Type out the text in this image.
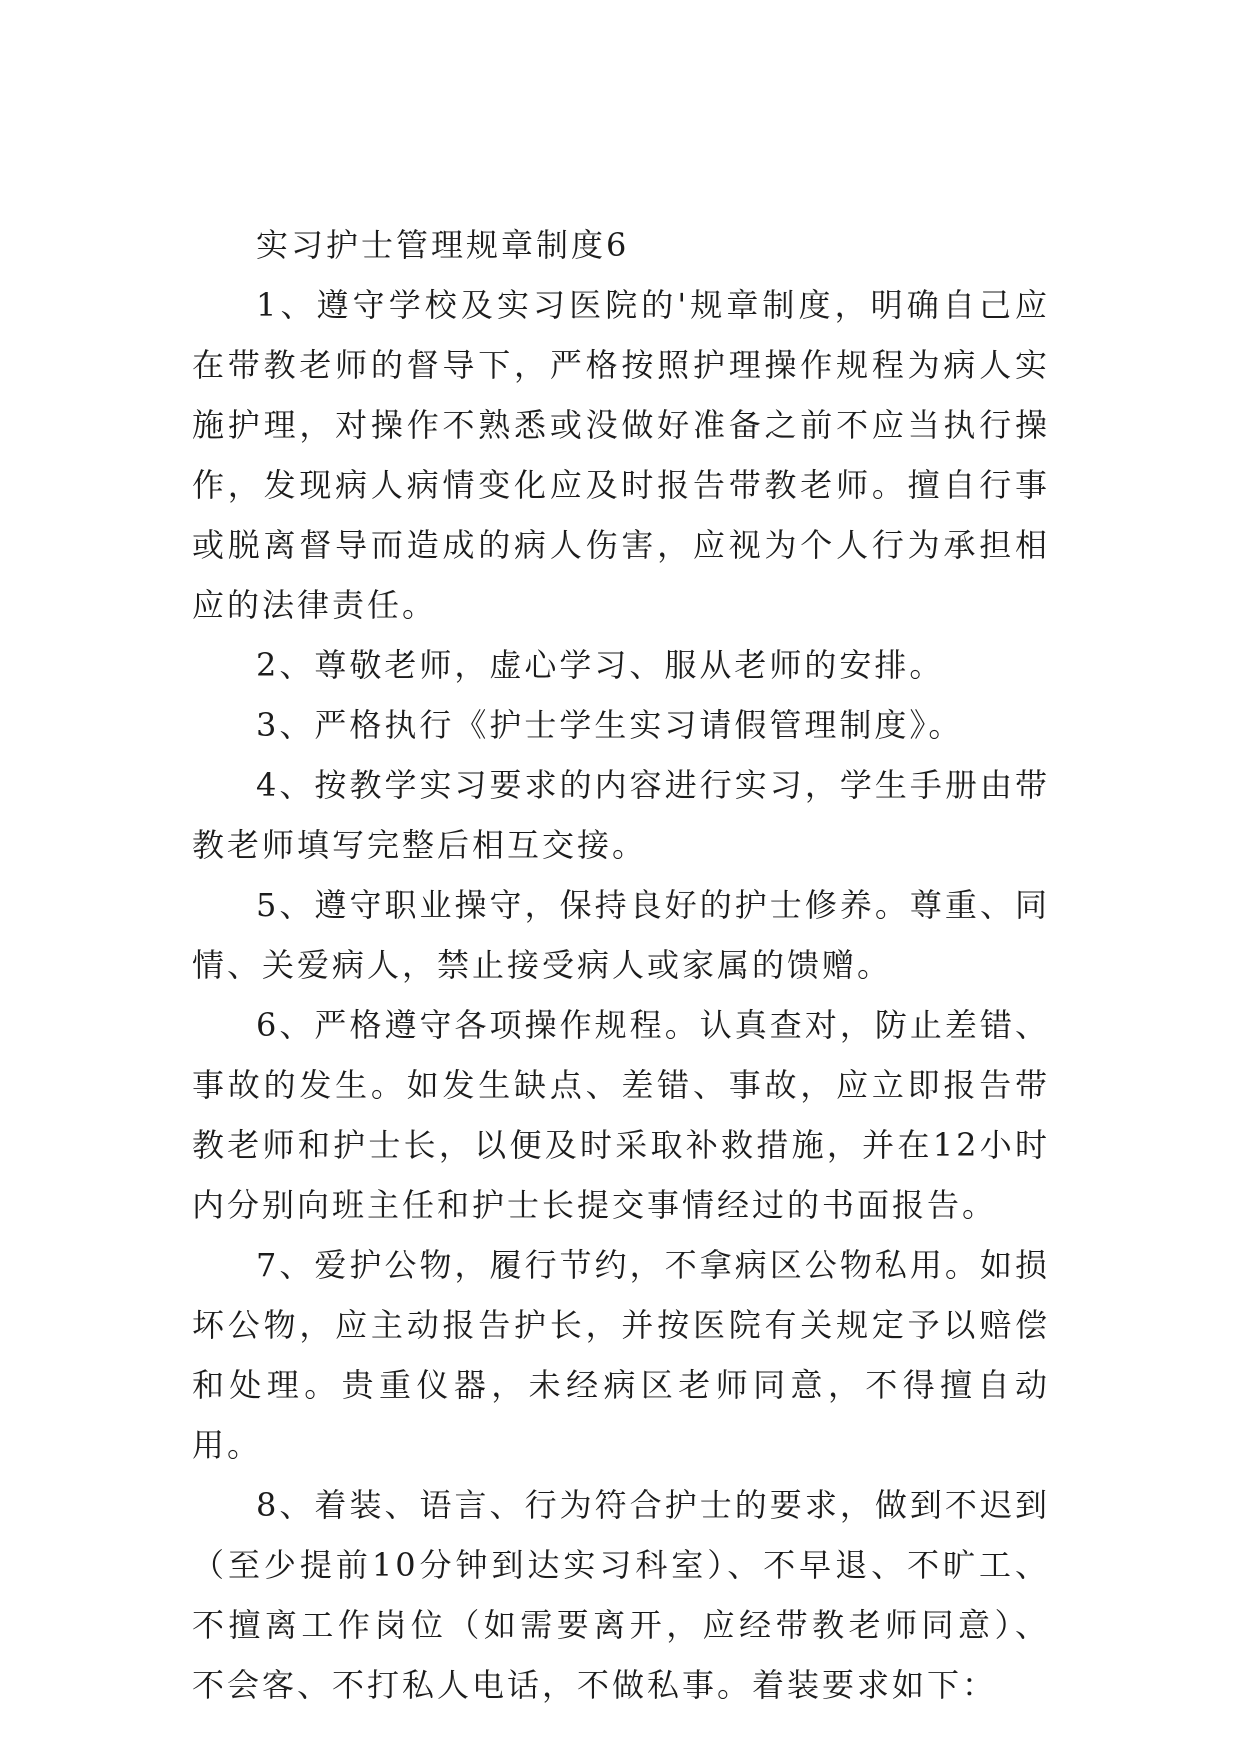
实习护士管理规章制度6

1、遵守学校及实习医院的'规章制度，明确自己应在带教老师的督导下，严格按照护理操作规程为病人实施护理，对操作不熟悉或没做好准备之前不应当执行操作，发现病人病情变化应及时报告带教老师。擅自行事或脱离督导而造成的病人伤害，应视为个人行为承担相应的法律责任。

2、尊敬老师，虚心学习、服从老师的安排。

3、严格执行《护士学生实习请假管理制度》。

4、按教学实习要求的内容进行实习，学生手册由带教老师填写完整后相互交接。

5、遵守职业操守，保持良好的护士修养。尊重、同情、关爱病人，禁止接受病人或家属的馈赠。

6、严格遵守各项操作规程。认真查对，防止差错、事故的发生。如发生缺点、差错、事故，应立即报告带教老师和护士长，以便及时采取补救措施，并在12小时内分别向班主任和护士长提交事情经过的书面报告。

7、爱护公物，履行节约，不拿病区公物私用。如损坏公物，应主动报告护长，并按医院有关规定予以赔偿和处理。贵重仪器，未经病区老师同意，不得擅自动用。

8、着装、语言、行为符合护士的要求，做到不迟到（至少提前10分钟到达实习科室）、不早退、不旷工、不擅离工作岗位（如需要离开，应经带教老师同意）、不会客、不打私人电话，不做私事。着装要求如下：
